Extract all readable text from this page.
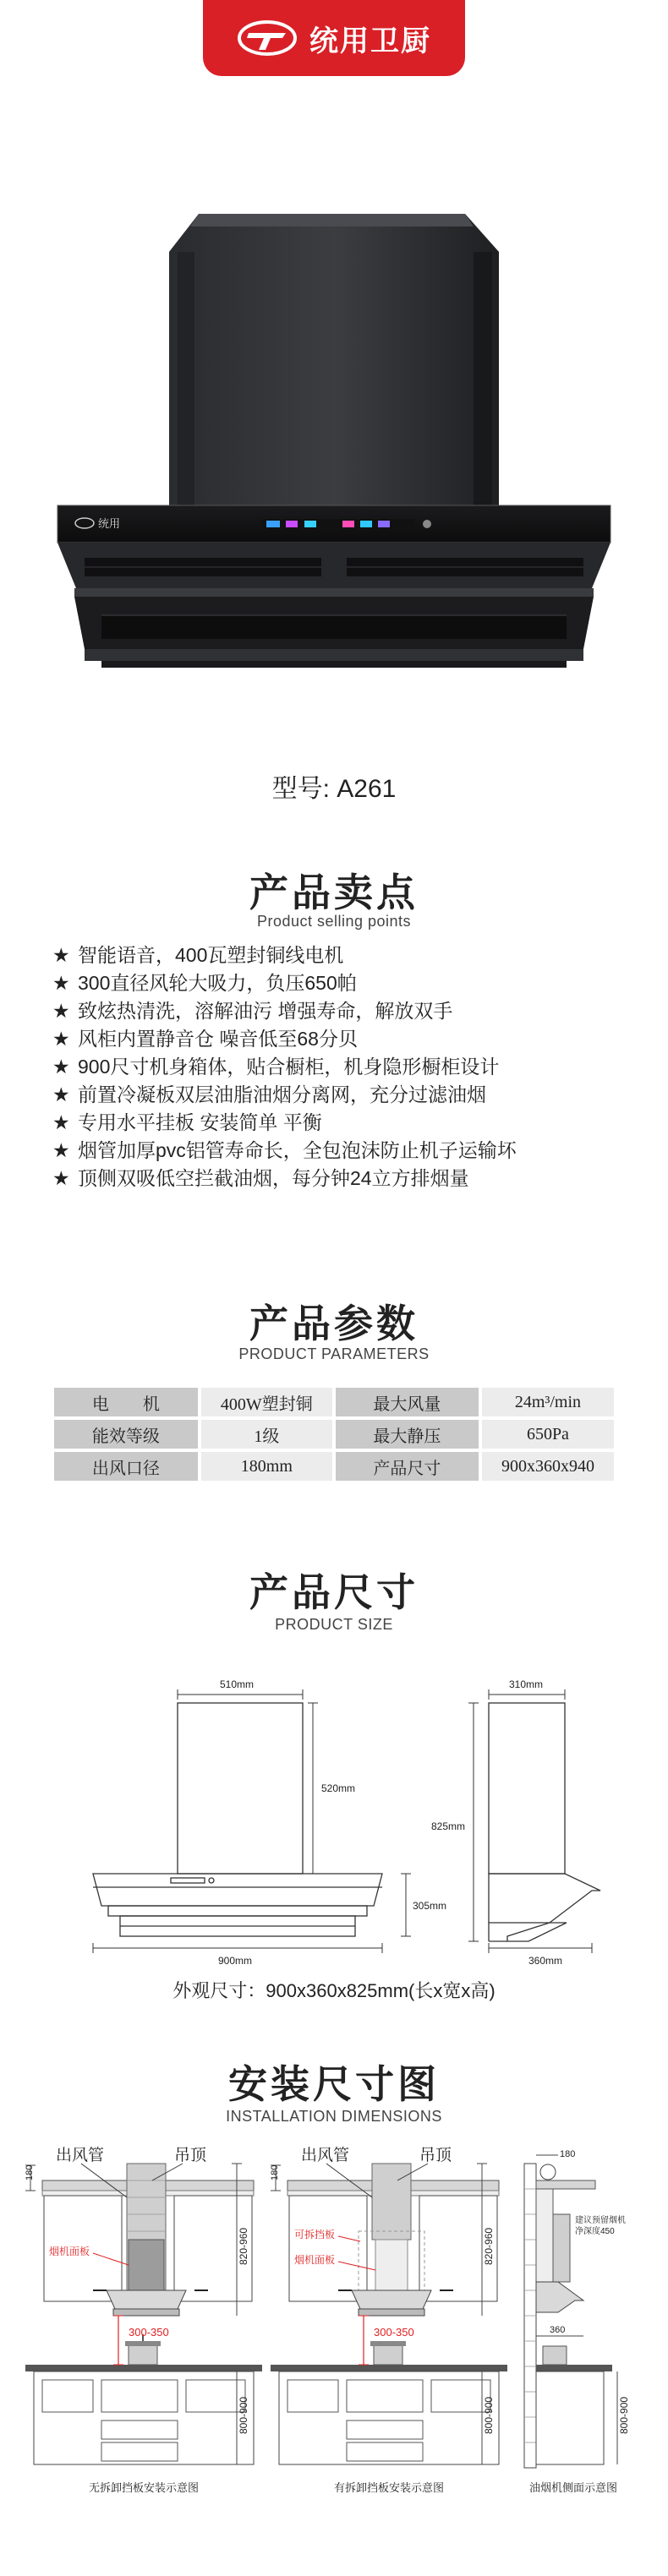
统用卫厨
统用
型号: A261
产品卖点
Product selling points
★ 智能语音，400瓦塑封铜线电机
★ 300直径风轮大吸力，负压650帕
★ 致炫热清洗，溶解油污 增强寿命，解放双手
★ 风柜内置静音仓 噪音低至68分贝
★ 900尺寸机身箱体，贴合橱柜，机身隐形橱柜设计
★ 前置冷凝板双层油脂油烟分离网，充分过滤油烟
★ 专用水平挂板 安装简单 平衡
★ 烟管加厚pvc铝管寿命长，全包泡沫防止机子运输坏
★ 顶侧双吸低空拦截油烟，每分钟24立方排烟量
产品参数
PRODUCT PARAMETERS
电　　机	400W塑封铜	最大风量	24m³/min
能效等级	1级	最大静压	650Pa
出风口径	180mm	产品尺寸	900x360x940
产品尺寸
PRODUCT SIZE
510mm
520mm
825mm
305mm
900mm
310mm
360mm
外观尺寸：900x360x825mm(长x宽x高)
安装尺寸图
INSTALLATION DIMENSIONS
180
出风管	吊顶
烟机面板
300-350
820-960
800-900
无拆卸挡板安装示意图
180
出风管	吊顶
可拆挡板
烟机面板
300-350
820-960
800-900
有拆卸挡板安装示意图
180
建议预留烟机
净深度450
360
800-900
油烟机侧面示意图
